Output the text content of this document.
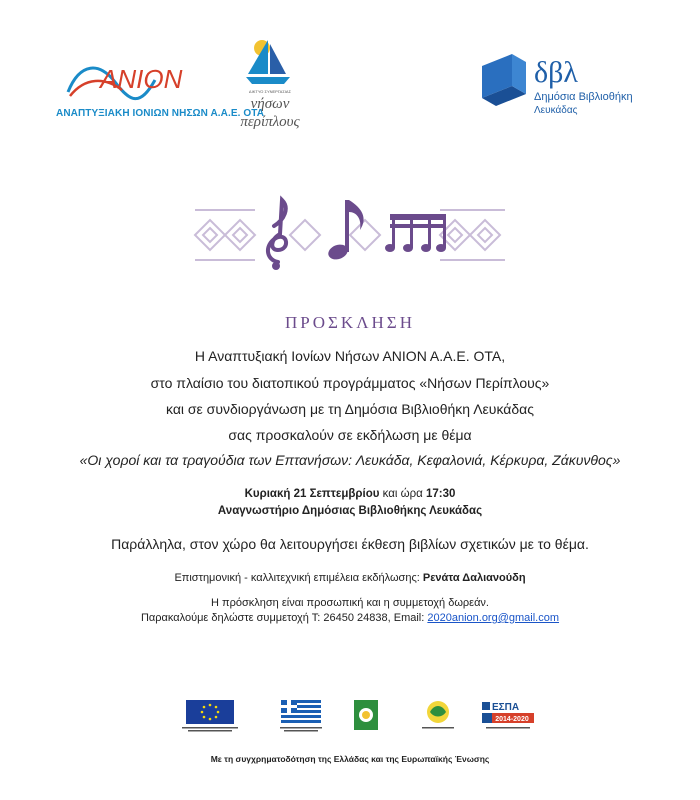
ΑΝΙΟΝ
ΑΝΑΠΤΥΞΙΑΚΗ ΙΟΝΙΩΝ ΝΗΣΩΝ Α.Α.Ε. ΟΤΑ
ΔΙΚΤΥΟ ΣΥΝΕΡΓΑΣΙΑΣ
νήσων
περίπλους
δβλ
Δημόσια Βιβλιοθήκη
Λευκάδας
ΠΡΟΣΚΛΗΣΗ
Η Αναπτυξιακή Ιονίων Νήσων ΑΝΙΟΝ Α.Α.Ε. ΟΤΑ,
στο πλαίσιο του διατοπικού προγράμματος «Νήσων Περίπλους»
και σε συνδιοργάνωση με τη Δημόσια Βιβλιοθήκη Λευκάδας
σας προσκαλούν σε εκδήλωση με θέμα
«Οι χοροί και τα τραγούδια των Επτανήσων: Λευκάδα, Κεφαλονιά, Κέρκυρα, Ζάκυνθος»
Κυριακή 21 Σεπτεμβρίου και ώρα 17:30
Αναγνωστήριο Δημόσιας Βιβλιοθήκης Λευκάδας
Παράλληλα, στον χώρο θα λειτουργήσει έκθεση βιβλίων σχετικών με το θέμα.
Επιστημονική - καλλιτεχνική επιμέλεια εκδήλωσης: Ρενάτα Δαλιανούδη
Η πρόσκληση είναι προσωπική και η συμμετοχή δωρεάν.
Παρακαλούμε δηλώστε συμμετοχή Τ: 26450 24838, Email: 2020anion.org@gmail.com
ΕΣΠΑ
2014-2020
Με τη συγχρηματοδότηση της Ελλάδας και της Ευρωπαϊκής Ένωσης
